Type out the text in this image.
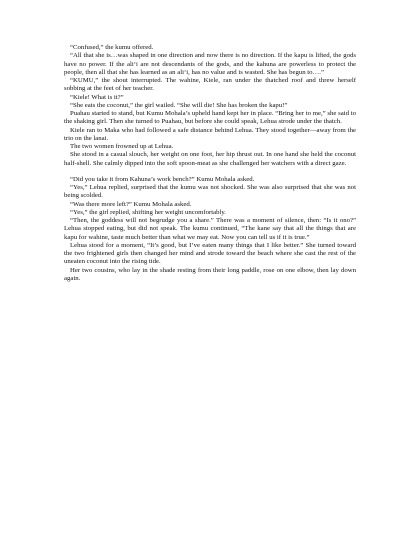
“Confused,” the kumu offered.

“All that she is…was shaped in one direction and now there is no direction. If the kapu is lifted, the gods have no power. If the ali‘i are not descendants of the gods, and the kahuna are powerless to protect the people, then all that she has learned as an ali‘i, has no value and is wasted. She has begun to….”

“KUMU,” the shout interrupted. The wahine, Kiele, ran under the thatched roof and threw herself sobbing at the feet of her teacher.

“Kiele! What is it?”

“She eats the coconut,” the girl wailed. “She will die! She has broken the kapu!”

Puahau started to stand, but Kumu Mohala’s upheld hand kept her in place. “Bring her to me,” she said to the shaking girl. Then she turned to Puahau, but before she could speak, Lehua strode under the thatch.

Kiele ran to Maka who had followed a safe distance behind Lehua. They stood together—away from the trio on the lanai.

The two women frowned up at Lehua.

She stood in a casual slouch, her weight on one foot, her hip thrust out. In one hand she held the coconut half-shell. She calmly dipped into the soft spoon-meat as she challenged her watchers with a direct gaze.

“Did you take it from Kahuna’s work bench?” Kumu Mohala asked.

“Yes,” Lehua replied, surprised that the kumu was not shocked. She was also surprised that she was not being scolded.

“Was there more left?” Kumu Mohala asked.

“Yes,” the girl replied, shifting her weight uncomfortably.

“Then, the goddess will not begrudge you a share.” There was a moment of silence, then: “Is it ono?” Lehua stopped eating, but did not speak. The kumu continued, “The kane say that all the things that are kapu for wahine, taste much better than what we may eat. Now you can tell us if it is true.”

Lehua stood for a moment, “It’s good, but I’ve eaten many things that I like better.” She turned toward the two frightened girls then changed her mind and strode toward the beach where she cast the rest of the uneaten coconut into the rising tide.

Her two cousins, who lay in the shade resting from their long paddle, rose on one elbow, then lay down again.
